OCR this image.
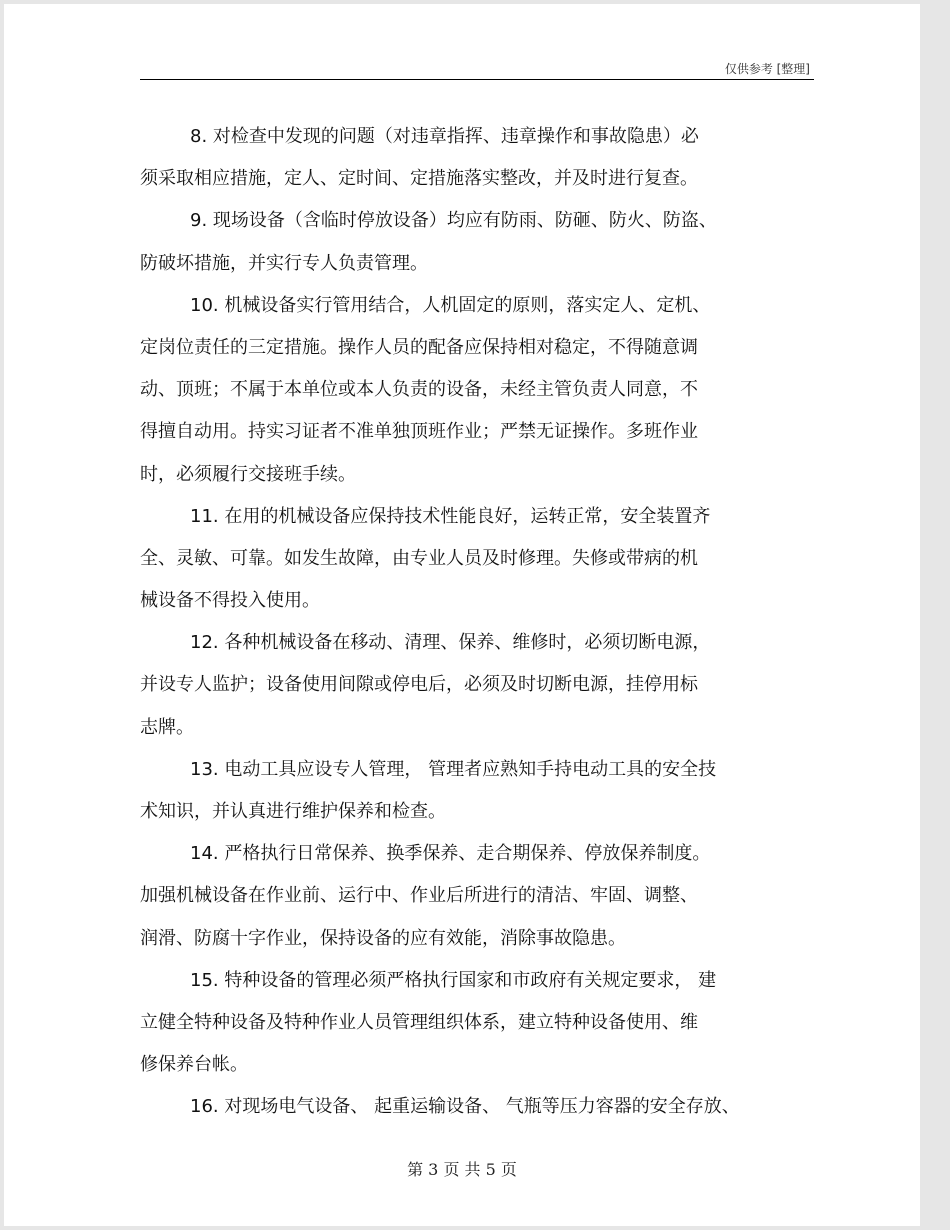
仅供参考 [整理]
8. 对检查中发现的问题（对违章指挥、违章操作和事故隐患）必
须采取相应措施，定人、定时间、定措施落实整改，并及时进行复查。
9. 现场设备（含临时停放设备）均应有防雨、防砸、防火、防盗、
防破坏措施，并实行专人负责管理。
10. 机械设备实行管用结合，人机固定的原则，落实定人、定机、
定岗位责任的三定措施。操作人员的配备应保持相对稳定，不得随意调
动、顶班；不属于本单位或本人负责的设备，未经主管负责人同意，不
得擅自动用。持实习证者不准单独顶班作业；严禁无证操作。多班作业
时，必须履行交接班手续。
11. 在用的机械设备应保持技术性能良好，运转正常，安全装置齐
全、灵敏、可靠。如发生故障，由专业人员及时修理。失修或带病的机
械设备不得投入使用。
12. 各种机械设备在移动、清理、保养、维修时，必须切断电源，
并设专人监护；设备使用间隙或停电后，必须及时切断电源，挂停用标
志牌。
13. 电动工具应设专人管理， 管理者应熟知手持电动工具的安全技
术知识，并认真进行维护保养和检查。
14. 严格执行日常保养、换季保养、走合期保养、停放保养制度。
加强机械设备在作业前、运行中、作业后所进行的清洁、牢固、调整、
润滑、防腐十字作业，保持设备的应有效能，消除事故隐患。
15. 特种设备的管理必须严格执行国家和市政府有关规定要求， 建
立健全特种设备及特种作业人员管理组织体系，建立特种设备使用、维
修保养台帐。
16. 对现场电气设备、 起重运输设备、 气瓶等压力容器的安全存放、
第 3 页 共 5 页
